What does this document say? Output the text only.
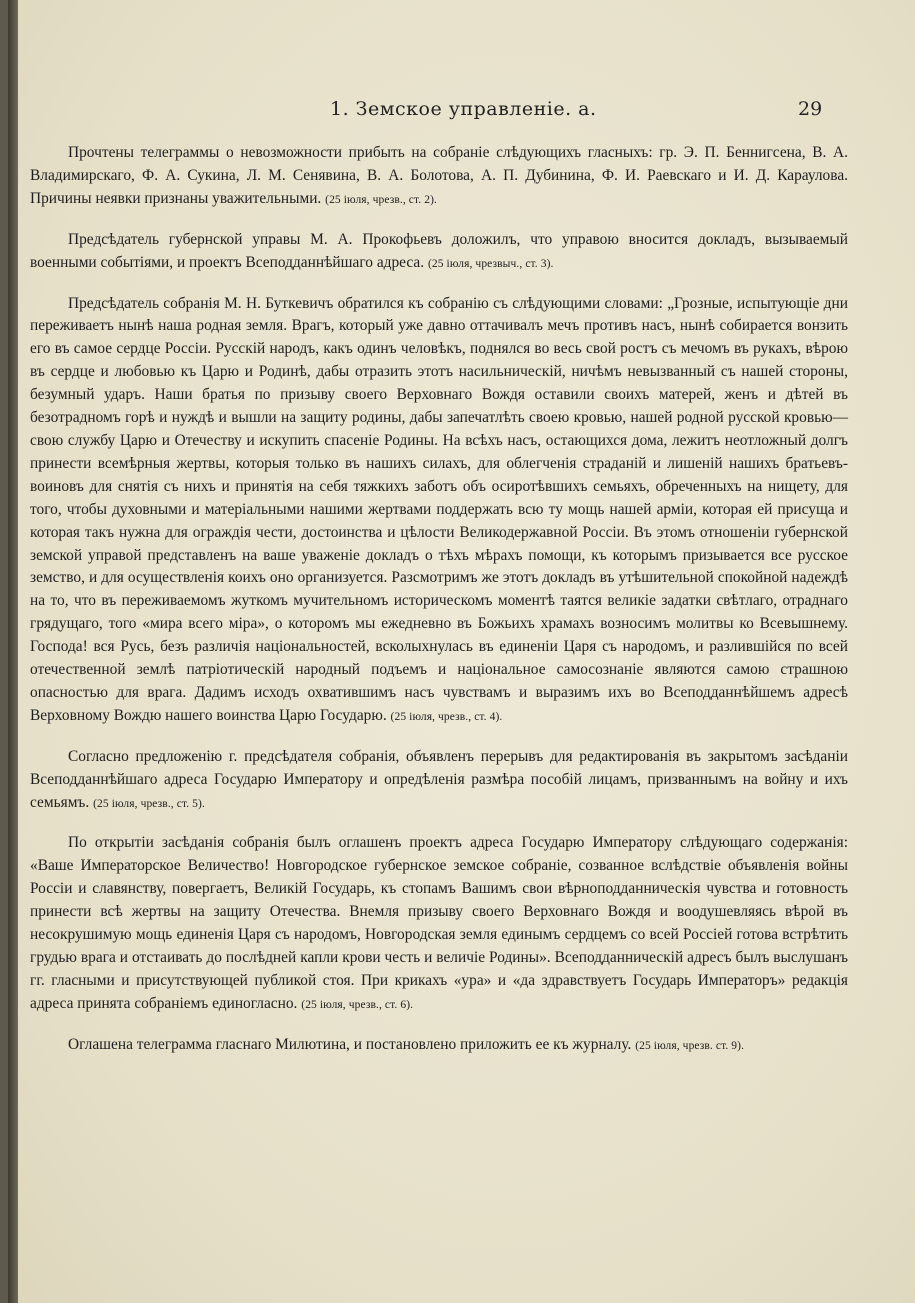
1. Земское управленіе. а.	29

Прочтены телеграммы о невозможности прибыть на собраніе слѣдующихъ гласныхъ: гр. Э. П. Беннигсена, В. А. Владимирскаго, Ф. А. Сукина, Л. М. Сенявина, В. А. Болотова, А. П. Дубинина, Ф. И. Раевскаго и И. Д. Караулова. Причины неявки признаны уважительными. (25 іюля, чрезв., ст. 2).

Предсѣдатель губернской управы М. А. Прокофьевъ доложилъ, что управою вносится докладъ, вызываемый военными событіями, и проектъ Всеподданнѣйшаго адреса. (25 іюля, чрезвыч., ст. 3).

Предсѣдатель собранія М. Н. Буткевичъ обратился къ собранію съ слѣдующими словами: „Грозные, испытующіе дни переживаетъ нынѣ наша родная земля. Врагъ, который уже давно оттачивалъ мечъ противъ насъ, нынѣ собирается вонзить его въ самое сердце Россіи. Русскій народъ, какъ одинъ человѣкъ, поднялся во весь свой ростъ съ мечомъ въ рукахъ, вѣрою въ сердце и любовью къ Царю и Родинѣ, дабы отразить этотъ насильническій, ничѣмъ невызванный съ нашей стороны, безумный ударъ. Наши братья по призыву своего Верховнаго Вождя оставили своихъ матерей, женъ и дѣтей въ безотрадномъ горѣ и нуждѣ и вышли на защиту родины, дабы запечатлѣть своею кровью, нашей родной русской кровью—свою службу Царю и Отечеству и искупить спасеніе Родины. На всѣхъ насъ, остающихся дома, лежитъ неотложный долгъ принести всемѣрныя жертвы, которыя только въ нашихъ силахъ, для облегченія страданій и лишеній нашихъ братьевъ-воиновъ для снятія съ нихъ и принятія на себя тяжкихъ заботъ объ осиротѣвшихъ семьяхъ, обреченныхъ на нищету, для того, чтобы духовными и матеріальными нашими жертвами поддержать всю ту мощь нашей арміи, которая ей присуща и которая такъ нужна для ограждія чести, достоинства и цѣлости Великодержавной Россіи. Въ этомъ отношеніи губернской земской управой представленъ на ваше уваженіе докладъ о тѣхъ мѣрахъ помощи, къ которымъ призывается все русское земство, и для осуществленія коихъ оно организуется. Разсмотримъ же этотъ докладъ въ утѣшительной спокойной надеждѣ на то, что въ переживаемомъ жуткомъ мучительномъ историческомъ моментѣ таятся великіе задатки свѣтлаго, отраднаго грядущаго, того «мира всего міра», о которомъ мы ежедневно въ Божьихъ храмахъ возносимъ молитвы ко Всевышнему. Господа! вся Русь, безъ различія національностей, всколыхнулась въ единеніи Царя съ народомъ, и разлившійся по всей отечественной землѣ патріотическій народный подъемъ и національное самосознаніе являются самою страшною опасностью для врага. Дадимъ исходъ охватившимъ насъ чувствамъ и выразимъ ихъ во Всеподданнѣйшемъ адресѣ Верховному Вождю нашего воинства Царю Государю. (25 іюля, чрезв., ст. 4).

Согласно предложенію г. предсѣдателя собранія, объявленъ перерывъ для редактированія въ закрытомъ засѣданіи Всеподданнѣйшаго адреса Государю Императору и опредѣленія размѣра пособій лицамъ, призваннымъ на войну и ихъ семьямъ. (25 іюля, чрезв., ст. 5).

По открытіи засѣданія собранія былъ оглашенъ проектъ адреса Государю Императору слѣдующаго содержанія: «Ваше Императорское Величество! Новгородское губернское земское собраніе, созванное вслѣдствіе объявленія войны Россіи и славянству, повергаетъ, Великій Государь, къ стопамъ Вашимъ свои вѣрноподданническія чувства и готовность принести всѣ жертвы на защиту Отечества. Внемля призыву своего Верховнаго Вождя и воодушевляясь вѣрой въ несокрушимую мощь единенія Царя съ народомъ, Новгородская земля единымъ сердцемъ со всей Россіей готова встрѣтить грудью врага и отстаивать до послѣдней капли крови честь и величіе Родины». Всеподданническій адресъ былъ выслушанъ гг. гласными и присутствующей публикой стоя. При крикахъ «ура» и «да здравствуетъ Государь Императоръ» редакція адреса принята собраніемъ единогласно. (25 іюля, чрезв., ст. 6).

Оглашена телеграмма гласнаго Милютина, и постановлено приложить ее къ журналу. (25 іюля, чрезв. ст. 9).
